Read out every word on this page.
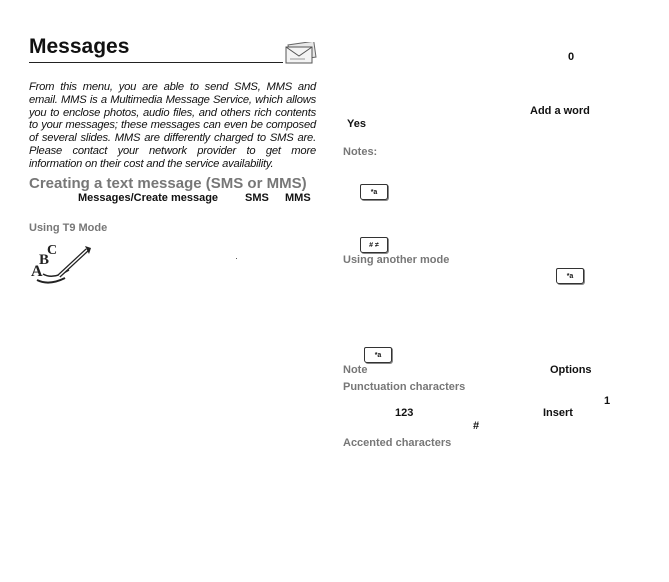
Messages
From this menu, you are able to send SMS, MMS and email. MMS is a Multimedia Message Service, which allows you to enclose photos, audio files, and others rich contents to your messages; these messages can even be composed of several slides. MMS are differently charged to SMS are. Please contact your network provider to get more information on their cost and the service availability.
Creating a text message (SMS or MMS)
Messages/Create message SMS MMS
Using T9 Mode
A
B
C
0
Add a word
Yes
Notes:
*a
# ≠
Using another mode
*a
*a
Note	Options
Punctuation characters
1
123	Insert
#
Accented characters
